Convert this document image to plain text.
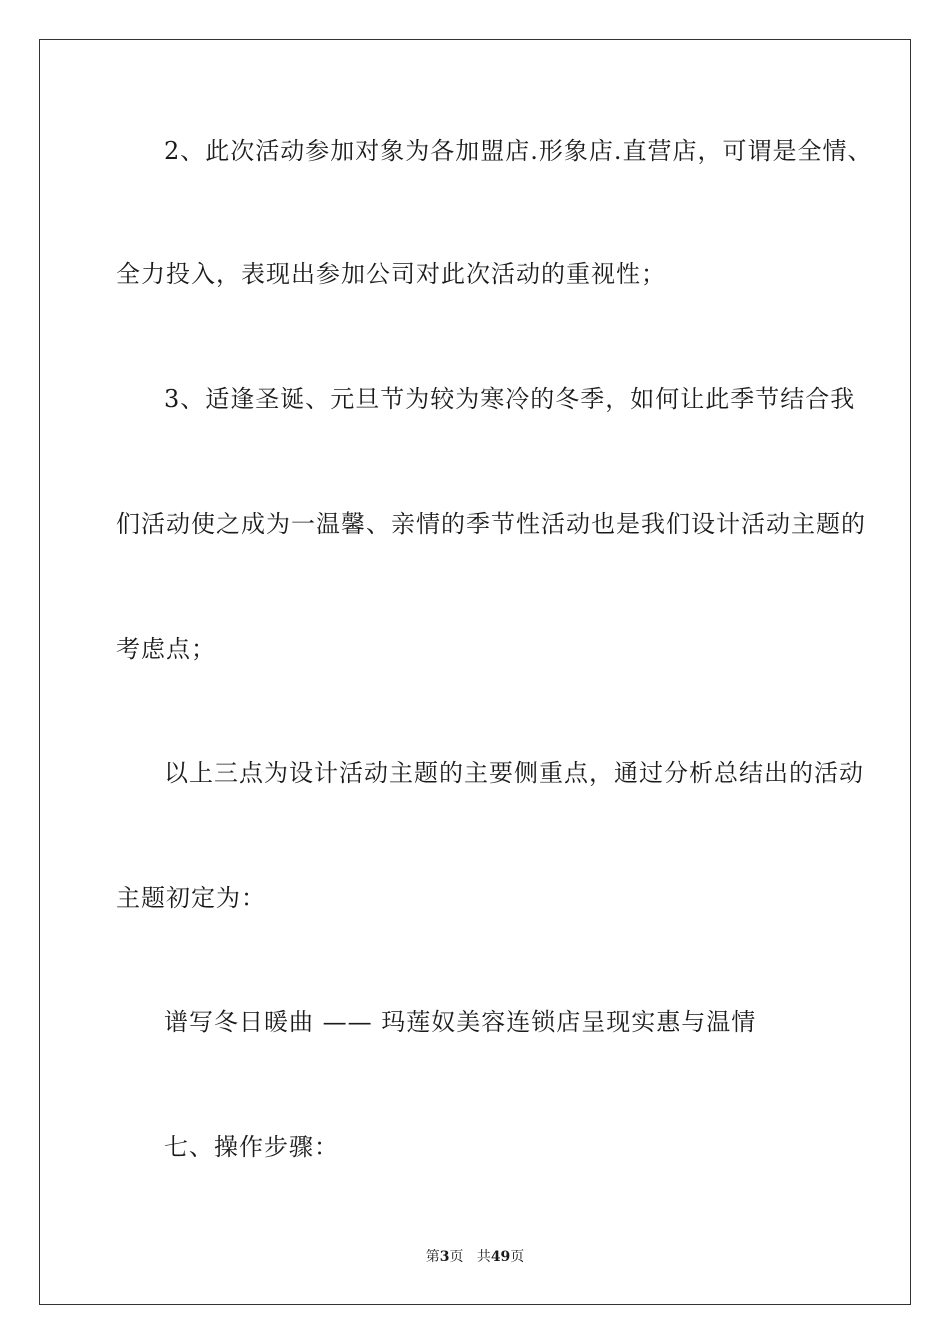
2、此次活动参加对象为各加盟店.形象店.直营店，可谓是全情、
全力投入，表现出参加公司对此次活动的重视性；
3、适逢圣诞、元旦节为较为寒冷的冬季，如何让此季节结合我
们活动使之成为一温馨、亲情的季节性活动也是我们设计活动主题的
考虑点；
以上三点为设计活动主题的主要侧重点，通过分析总结出的活动
主题初定为：
谱写冬日暖曲 —— 玛莲奴美容连锁店呈现实惠与温情
七、操作步骤：
第3页 共49页
